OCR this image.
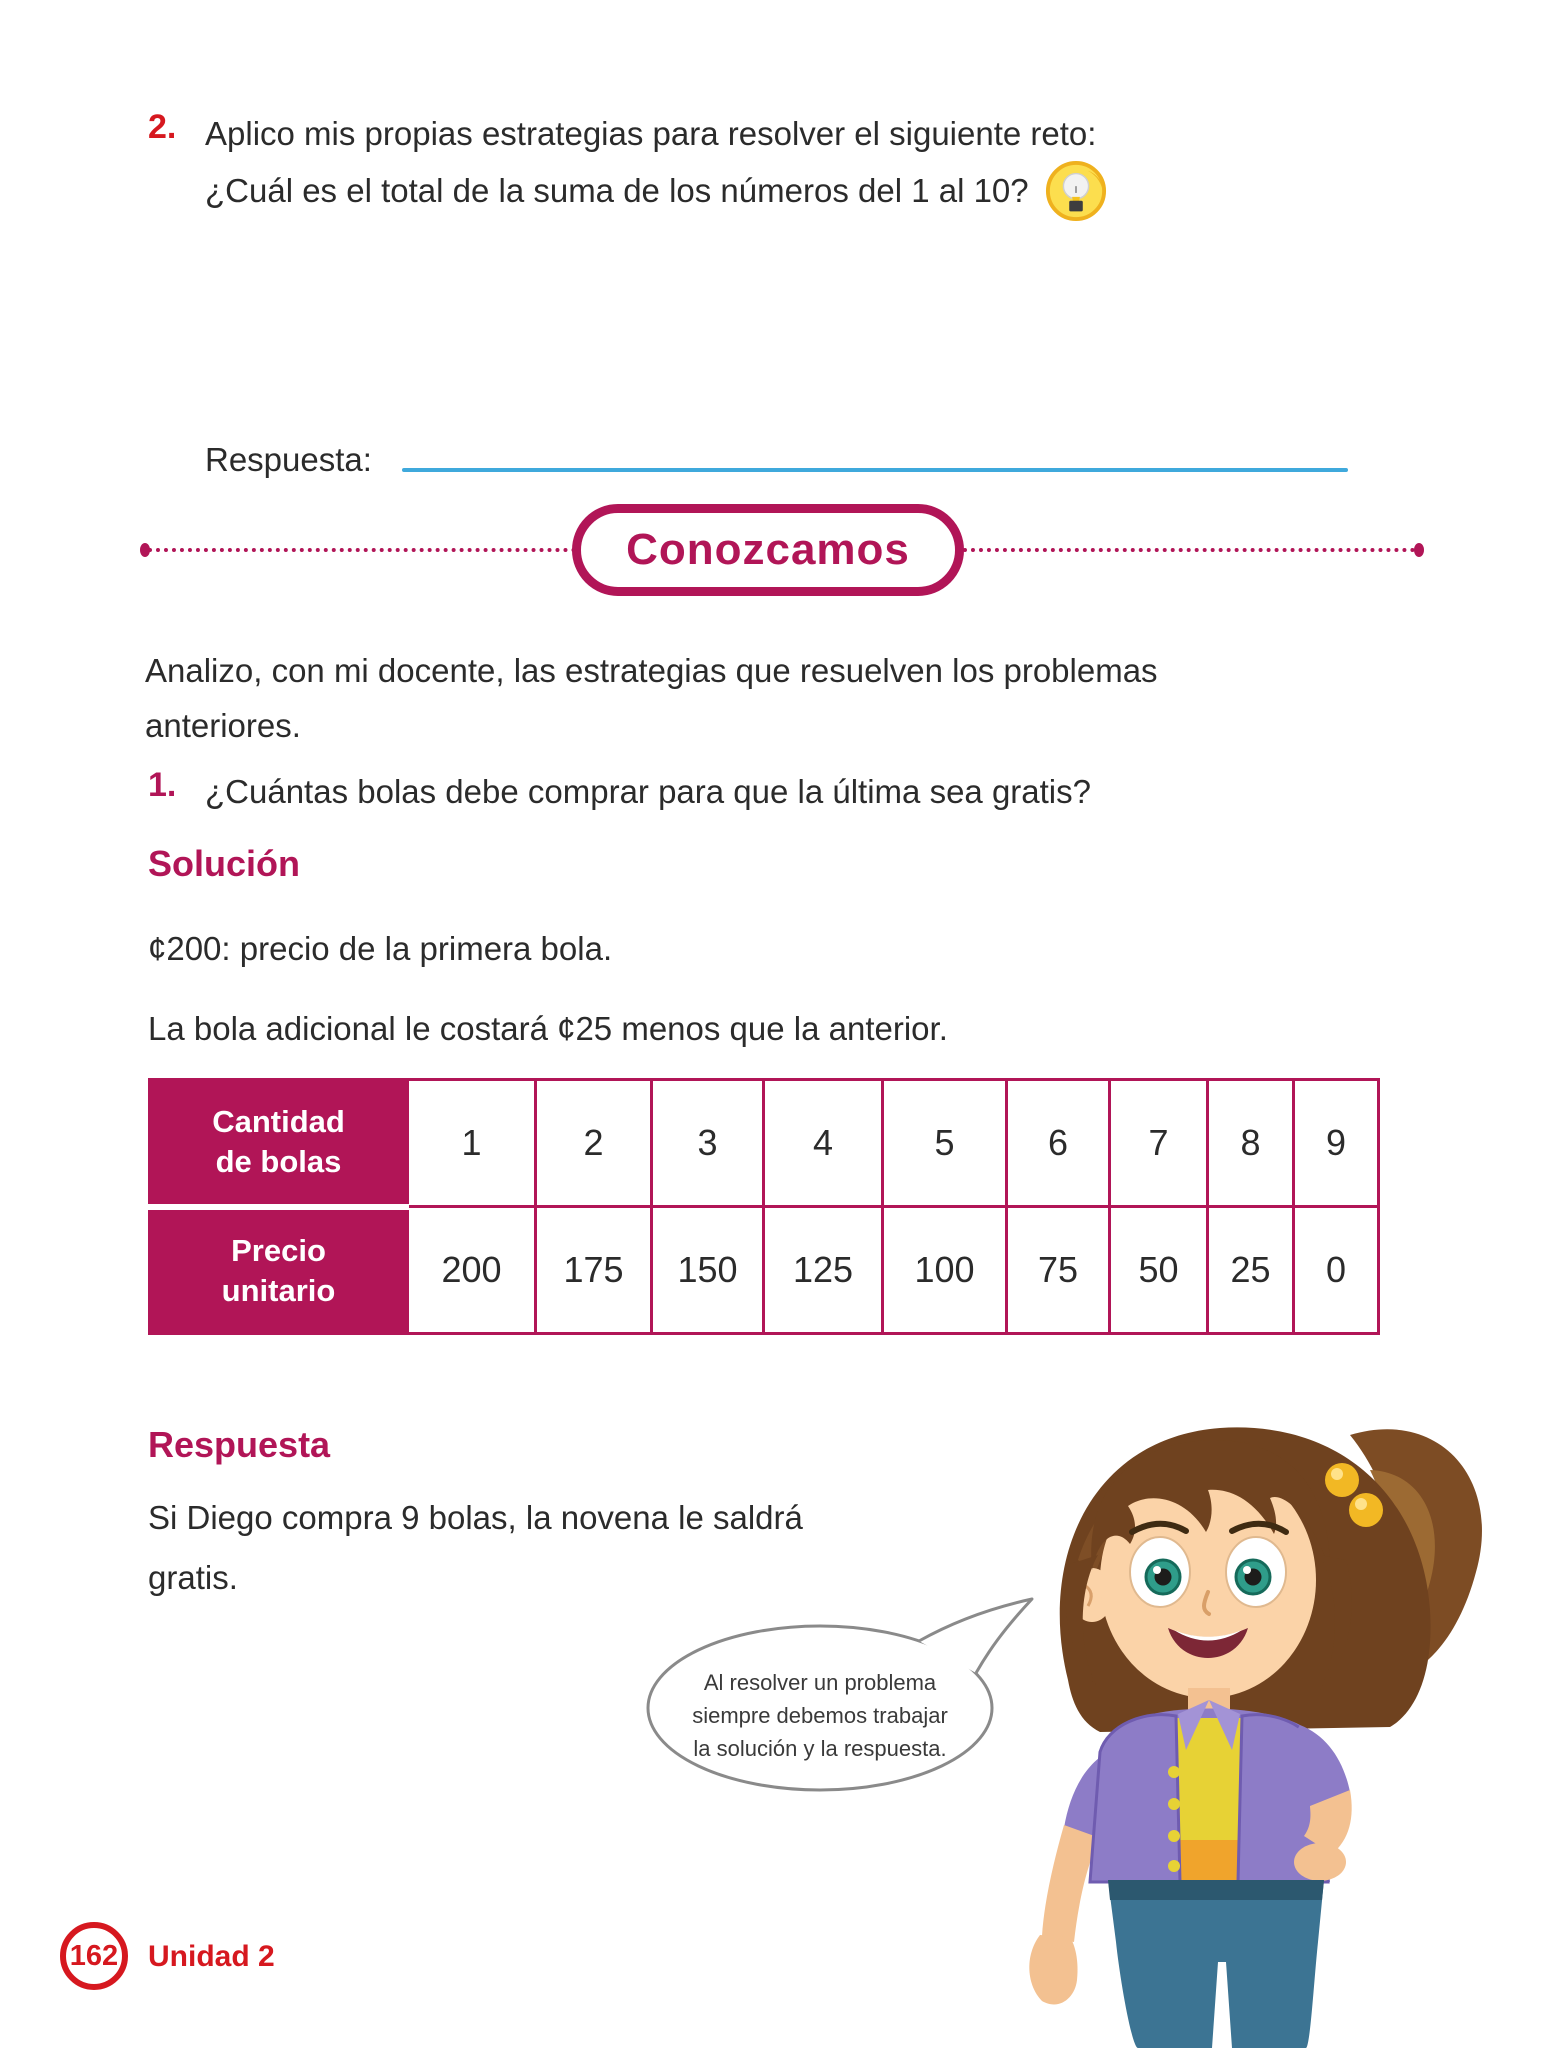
2. Aplico mis propias estrategias para resolver el siguiente reto:
¿Cuál es el total de la suma de los números del 1 al 10?
Respuesta:
Conozcamos
Analizo, con mi docente, las estrategias que resuelven los problemas
anteriores.
1. ¿Cuántas bolas debe comprar para que la última sea gratis?
Solución
¢200: precio de la primera bola.
La bola adicional le costará ¢25 menos que la anterior.
Cantidad
de bolas	1	2	3	4	5	6	7	8	9

Precio
unitario	200	175	150	125	100	75	50	25	0
Respuesta
Si Diego compra 9 bolas, la novena le saldrá
gratis.
Al resolver un problema
siempre debemos trabajar
la solución y la respuesta.
162 Unidad 2
